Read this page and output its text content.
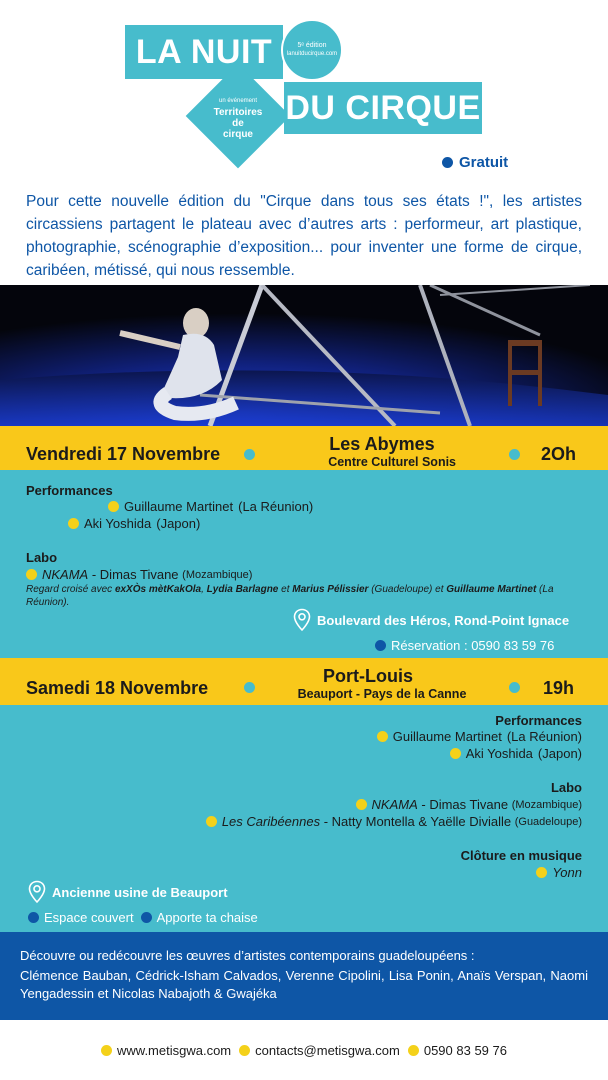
LA NUIT	5ᵉ édition
lanuitducirque.com
un événement
Territoires
de
cirque
DU CIRQUE
Gratuit

Pour cette nouvelle édition du "Cirque dans tous ses états !", les artistes circassiens partagent le plateau avec d’autres arts : performeur, art plastique, photographie, scénographie d’exposition... pour inventer une forme de cirque, caribéen, métissé, qui nous ressemble.

Vendredi 17 Novembre	Les Abymes
Centre Culturel Sonis	2Oh
Performances
Guillaume Martinet (La Réunion)
Aki Yoshida (Japon)
Labo
NKAMA - Dimas Tivane (Mozambique)

Regard croisé avec exXÒs mètKakOla, Lydia Barlagne et Marius Pélissier (Guadeloupe) et Guillaume Martinet (La Réunion).

Boulevard des Héros, Rond-Point Ignace
Réservation : 0590 83 59 76
Samedi 18 Novembre
Port-Louis
Beauport - Pays de la Canne	19h
Performances
Guillaume Martinet (La Réunion)
Aki Yoshida (Japon)
Labo
NKAMA - Dimas Tivane (Mozambique)
Les Caribéennes - Natty Montella & Yaëlle Divialle (Guadeloupe)
Clôture en musique
Yonn
Ancienne usine de Beauport
Espace couvert Apporte ta chaise

Découvre ou redécouvre les œuvres d’artistes contemporains guadeloupéens :

Clémence Bauban, Cédrick-Isham Calvados, Verenne Cipolini, Lisa Ponin, Anaïs Verspan, Naomi Yengadessin et Nicolas Nabajoth & Gwajéka

www.metisgwa.com contacts@metisgwa.com 0590 83 59 76
